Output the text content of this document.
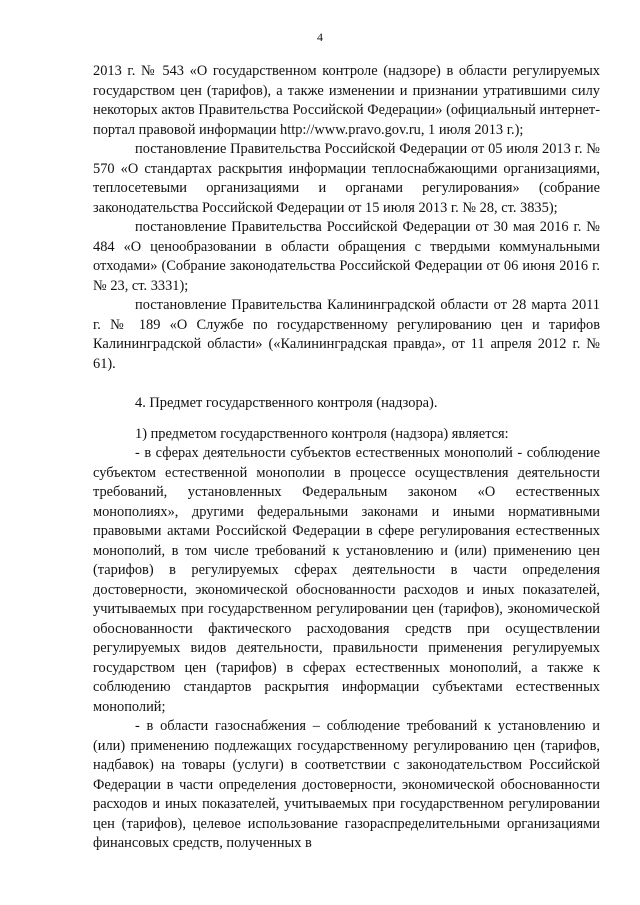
4

2013 г. № 543 «О государственном контроле (надзоре) в области регулируемых государством цен (тарифов), а также изменении и признании утратившими силу некоторых актов Правительства Российской Федерации» (официальный интернет-портал правовой информации http://www.pravo.gov.ru, 1 июля 2013 г.);

постановление Правительства Российской Федерации от 05 июля 2013 г. № 570 «О стандартах раскрытия информации теплоснабжающими организациями, теплосетевыми организациями и органами регулирования» (собрание законодательства Российской Федерации от 15 июля 2013 г. № 28, ст. 3835);

постановление Правительства Российской Федерации от 30 мая 2016 г. № 484 «О ценообразовании в области обращения с твердыми коммунальными отходами» (Собрание законодательства Российской Федерации от 06 июня 2016 г. № 23, ст. 3331);

постановление Правительства Калининградской области от 28 марта 2011 г. № 189 «О Службе по государственному регулированию цен и тарифов Калининградской области» («Калининградская правда», от 11 апреля 2012 г. № 61).

4. Предмет государственного контроля (надзора).

1) предметом государственного контроля (надзора) является:

- в сферах деятельности субъектов естественных монополий - соблюдение субъектом естественной монополии в процессе осуществления деятельности требований, установленных Федеральным законом «О естественных монополиях», другими федеральными законами и иными нормативными правовыми актами Российской Федерации в сфере регулирования естественных монополий, в том числе требований к установлению и (или) применению цен (тарифов) в регулируемых сферах деятельности в части определения достоверности, экономической обоснованности расходов и иных показателей, учитываемых при государственном регулировании цен (тарифов), экономической обоснованности фактического расходования средств при осуществлении регулируемых видов деятельности, правильности применения регулируемых государством цен (тарифов) в сферах естественных монополий, а также к соблюдению стандартов раскрытия информации субъектами естественных монополий;

- в области газоснабжения – соблюдение требований к установлению и (или) применению подлежащих государственному регулированию цен (тарифов, надбавок) на товары (услуги) в соответствии с законодательством Российской Федерации в части определения достоверности, экономической обоснованности расходов и иных показателей, учитываемых при государственном регулировании цен (тарифов), целевое использование газораспределительными организациями финансовых средств, полученных в
